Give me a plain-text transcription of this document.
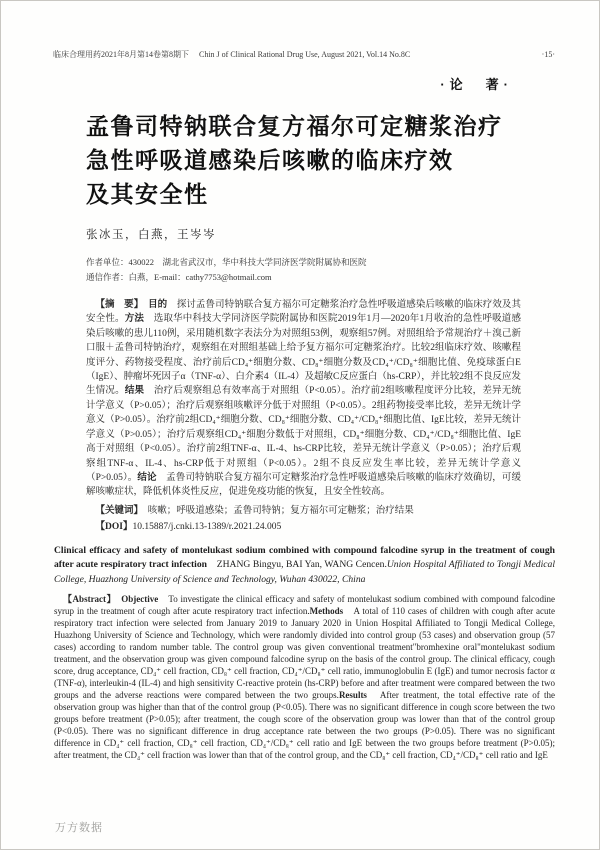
临床合理用药2021年8月第14卷第8期下 Chin J of Clinical Rational Drug Use, August 2021, Vol.14 No.8C	·15·
·论　著·
孟鲁司特钠联合复方福尔可定糖浆治疗
急性呼吸道感染后咳嗽的临床疗效
及其安全性
张冰玉，白燕，王岑岑
作者单位：430022　湖北省武汉市，华中科技大学同济医学院附属协和医院
通信作者：白燕，E-mail：cathy7753@hotmail.com

【摘　要】　目的　探讨孟鲁司特钠联合复方福尔可定糖浆治疗急性呼吸道感染后咳嗽的临床疗效及其安全性。方法　选取华中科技大学同济医学院附属协和医院2019年1月—2020年1月收治的急性呼吸道感染后咳嗽的患儿110例，采用随机数字表法分为对照组53例，观察组57例。对照组给予常规治疗＋溴己新口服＋孟鲁司特钠治疗，观察组在对照组基础上给予复方福尔可定糖浆治疗。比较2组临床疗效、咳嗽程度评分、药物接受程度、治疗前后CD₄⁺细胞分数、CD₈⁺细胞分数及CD₄⁺/CD₈⁺细胞比值、免疫球蛋白E（IgE）、肿瘤坏死因子α（TNF-α）、白介素4（IL-4）及超敏C反应蛋白（hs-CRP），并比较2组不良反应发生情况。结果　治疗后观察组总有效率高于对照组（P<0.05）。治疗前2组咳嗽程度评分比较，差异无统计学意义（P>0.05）；治疗后观察组咳嗽评分低于对照组（P<0.05）。2组药物接受率比较，差异无统计学意义（P>0.05）。治疗前2组CD₄⁺细胞分数、CD₈⁺细胞分数、CD₄⁺/CD₈⁺细胞比值、IgE比较，差异无统计学意义（P>0.05）；治疗后观察组CD₄⁺细胞分数低于对照组，CD₈⁺细胞分数、CD₄⁺/CD₈⁺细胞比值、IgE高于对照组（P<0.05）。治疗前2组TNF-α、IL-4、hs-CRP比较，差异无统计学意义（P>0.05）；治疗后观察组TNF-α、IL-4、hs-CRP低于对照组（P<0.05）。2组不良反应发生率比较，差异无统计学意义（P>0.05）。结论　孟鲁司特钠联合复方福尔可定糖浆治疗急性呼吸道感染后咳嗽的临床疗效确切，可缓解咳嗽症状，降低机体炎性反应，促进免疫功能的恢复，且安全性较高。

【关键词】　咳嗽；呼吸道感染；孟鲁司特钠；复方福尔可定糖浆；治疗结果

【DOI】10.15887/j.cnki.13-1389/r.2021.24.005

Clinical efficacy and safety of montelukast sodium combined with compound falcodine syrup in the treatment of cough after acute respiratory tract infection　ZHANG Bingyu, BAI Yan, WANG Cencen.Union Hospital Affiliated to Tongji Medical College, Huazhong University of Science and Technology, Wuhan 430022, China

【Abstract】　Objective　To investigate the clinical efficacy and safety of montelukast sodium combined with compound falcodine syrup in the treatment of cough after acute respiratory tract infection.Methods　A total of 110 cases of children with cough after acute respiratory tract infection were selected from January 2019 to January 2020 in Union Hospital Affiliated to Tongji Medical College, Huazhong University of Science and Technology, which were randomly divided into control group (53 cases) and observation group (57 cases) according to random number table. The control group was given conventional treatment"bromhexine oral"montelukast sodium treatment, and the observation group was given compound falcodine syrup on the basis of the control group. The clinical efficacy, cough score, drug acceptance, CD₄⁺ cell fraction, CD₈⁺ cell fraction, CD₄⁺/CD₈⁺ cell ratio, immunoglobulin E (IgE) and tumor necrosis factor α (TNF-α), interleukin-4 (IL-4) and high sensitivity C-reactive protein (hs-CRP) before and after treatment were compared between the two groups and the adverse reactions were compared between the two groups.Results　After treatment, the total effective rate of the observation group was higher than that of the control group (P<0.05). There was no significant difference in cough score between the two groups before treatment (P>0.05); after treatment, the cough score of the observation group was lower than that of the control group (P<0.05). There was no significant difference in drug acceptance rate between the two groups (P>0.05). There was no significant difference in CD₄⁺ cell fraction, CD₈⁺ cell fraction, CD₄⁺/CD₈⁺ cell ratio and IgE between the two groups before treatment (P>0.05); after treatment, the CD₄⁺ cell fraction was lower than that of the control group, and the CD₈⁺ cell fraction, CD₄⁺/CD₈⁺ cell ratio and IgE

万方数据
